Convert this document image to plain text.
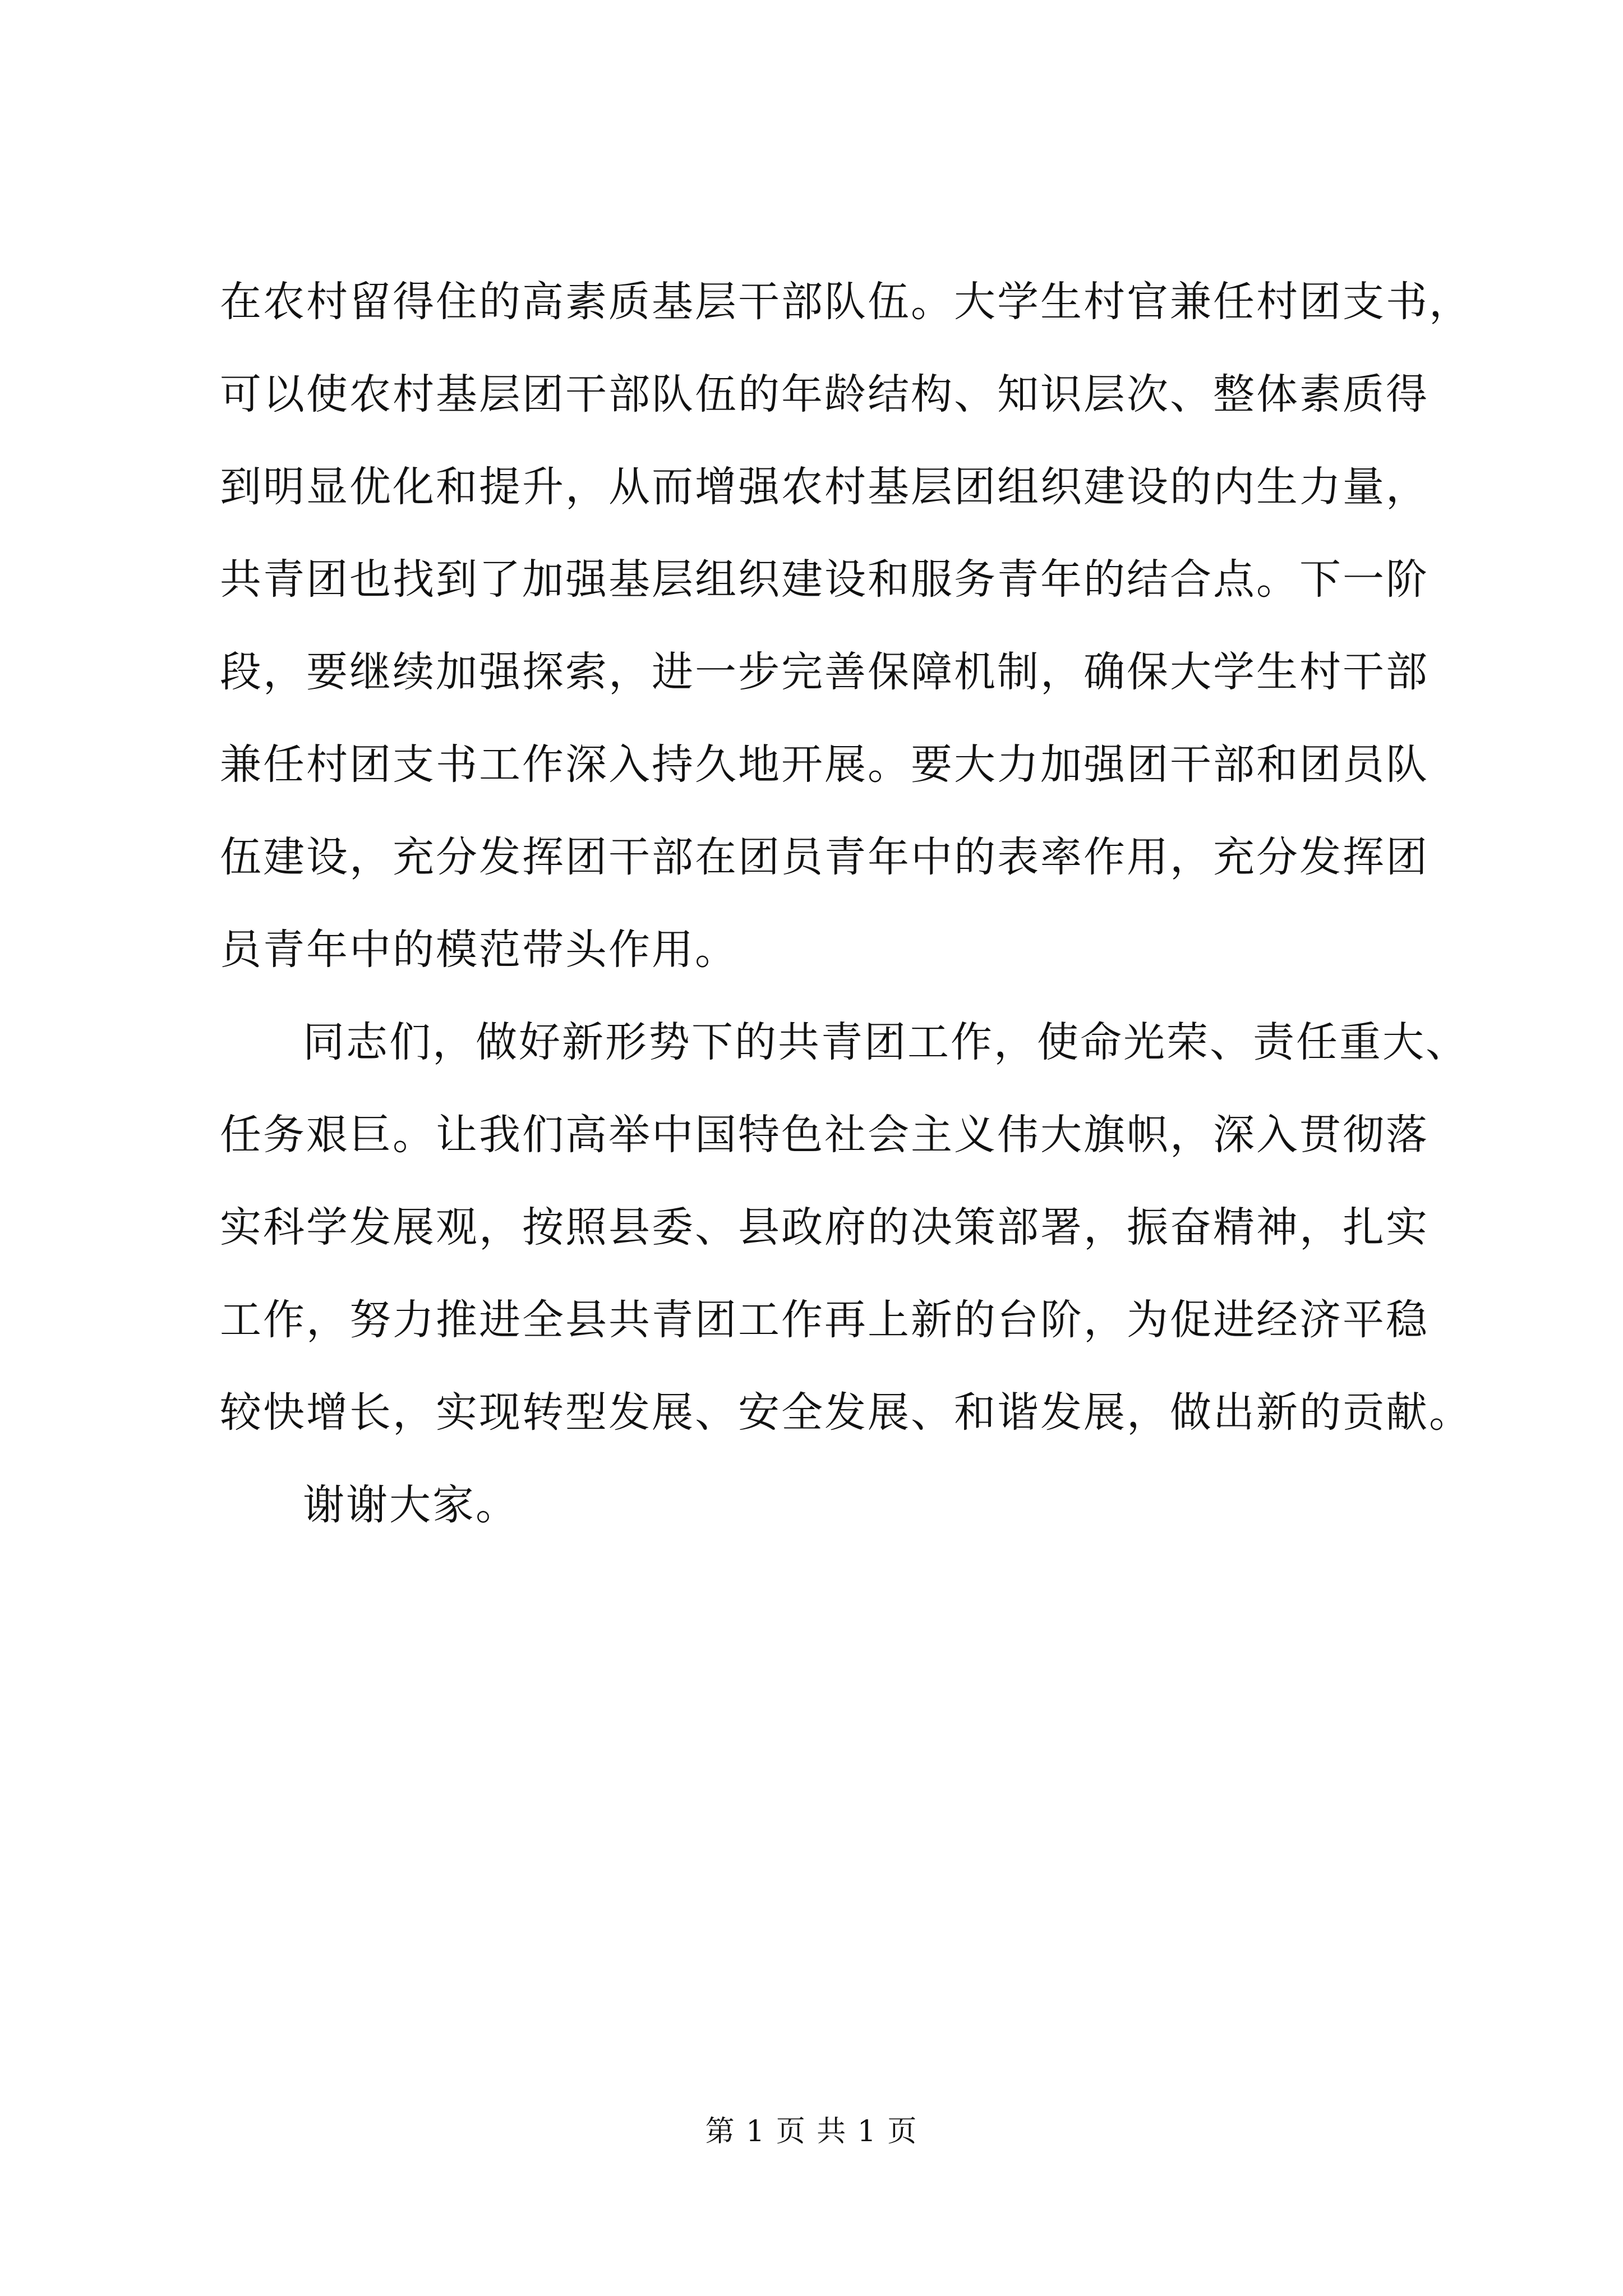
在农村留得住的高素质基层干部队伍。大学生村官兼任村团支书，
可以使农村基层团干部队伍的年龄结构、知识层次、整体素质得
到明显优化和提升，从而增强农村基层团组织建设的内生力量，
共青团也找到了加强基层组织建设和服务青年的结合点。下一阶
段，要继续加强探索，进一步完善保障机制，确保大学生村干部
兼任村团支书工作深入持久地开展。要大力加强团干部和团员队
伍建设，充分发挥团干部在团员青年中的表率作用，充分发挥团
员青年中的模范带头作用。
同志们，做好新形势下的共青团工作，使命光荣、责任重大、
任务艰巨。让我们高举中国特色社会主义伟大旗帜，深入贯彻落
实科学发展观，按照县委、县政府的决策部署，振奋精神，扎实
工作，努力推进全县共青团工作再上新的台阶，为促进经济平稳
较快增长，实现转型发展、安全发展、和谐发展，做出新的贡献。
谢谢大家。
第 1 页 共 1 页
